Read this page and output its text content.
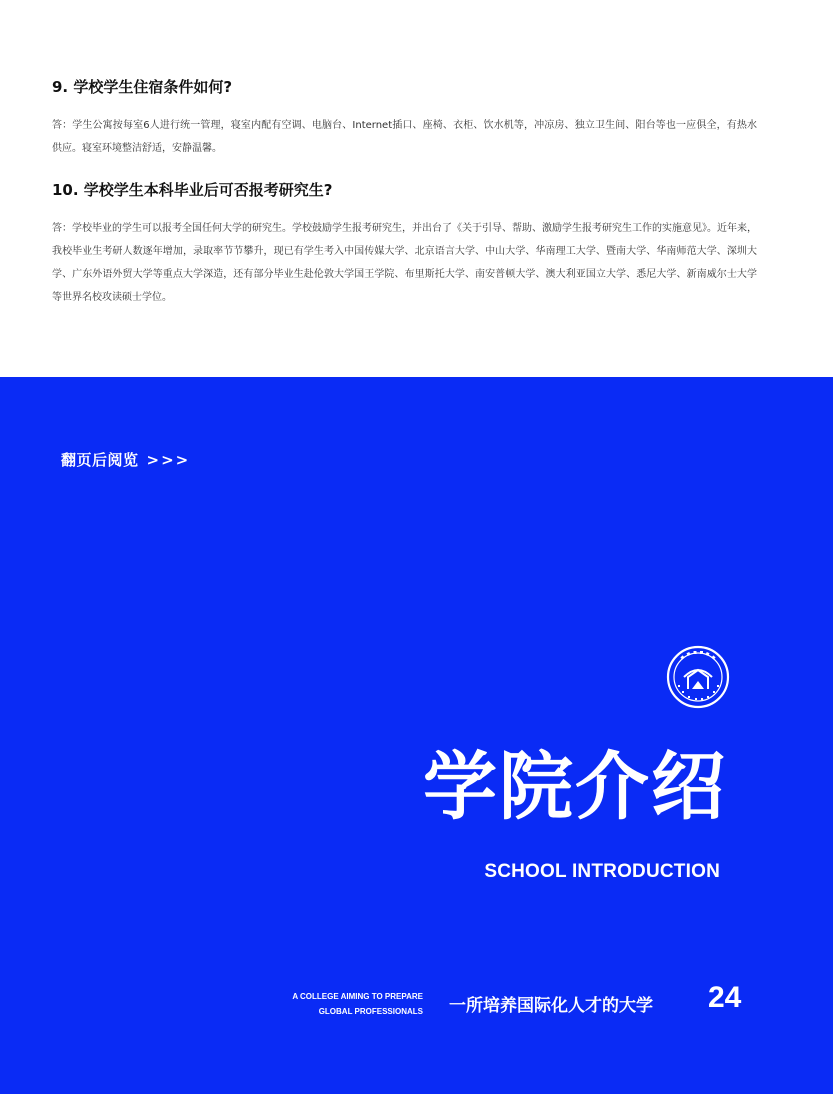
9. 学校学生住宿条件如何?

答：学生公寓按每室6人进行统一管理，寝室内配有空调、电脑台、Internet插口、座椅、衣柜、饮水机等，冲凉房、独立卫生间、阳台等也一应俱全，有热水供应。寝室环境整洁舒适，安静温馨。

10. 学校学生本科毕业后可否报考研究生?

答：学校毕业的学生可以报考全国任何大学的研究生。学校鼓励学生报考研究生，并出台了《关于引导、帮助、激励学生报考研究生工作的实施意见》。近年来，我校毕业生考研人数逐年增加，录取率节节攀升，现已有学生考入中国传媒大学、北京语言大学、中山大学、华南理工大学、暨南大学、华南师范大学、深圳大学、广东外语外贸大学等重点大学深造，还有部分毕业生赴伦敦大学国王学院、布里斯托大学、南安普顿大学、澳大利亚国立大学、悉尼大学、新南威尔士大学等世界名校攻读硕士学位。

翻页后阅览 >>>
学院介绍
SCHOOL INTRODUCTION
A COLLEGE AIMING TO PREPARE
GLOBAL PROFESSIONALS 一所培养国际化人才的大学 24
